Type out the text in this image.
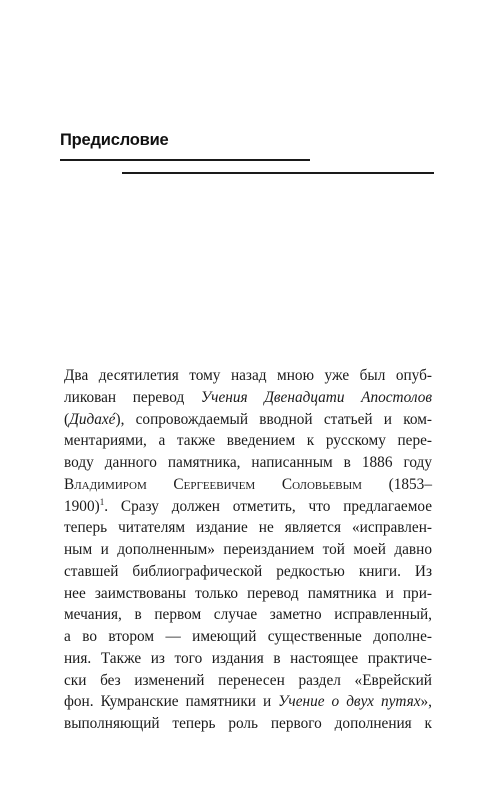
Предисловие
Два десятилетия тому назад мною уже был опуб-
ликован перевод Учения Двенадцати Апостолов
(Дидахé), сопровождаемый вводной статьей и ком-
ментариями, а также введением к русскому пере-
воду данного памятника, написанным в 1886 году
Владимиром Сергеевичем Соловьевым (1853–
1900)$^1$. Сразу должен отметить, что предлагаемое
теперь читателям издание не является «исправлен-
ным и дополненным» переизданием той моей давно
ставшей библиографической редкостью книги. Из
нее заимствованы только перевод памятника и при-
мечания, в первом случае заметно исправленный,
а во втором — имеющий существенные дополне-
ния. Также из того издания в настоящее практиче-
ски без изменений перенесен раздел «Еврейский
фон. Кумранские памятники и Учение о двух путях»,
выполняющий теперь роль первого дополнения к
